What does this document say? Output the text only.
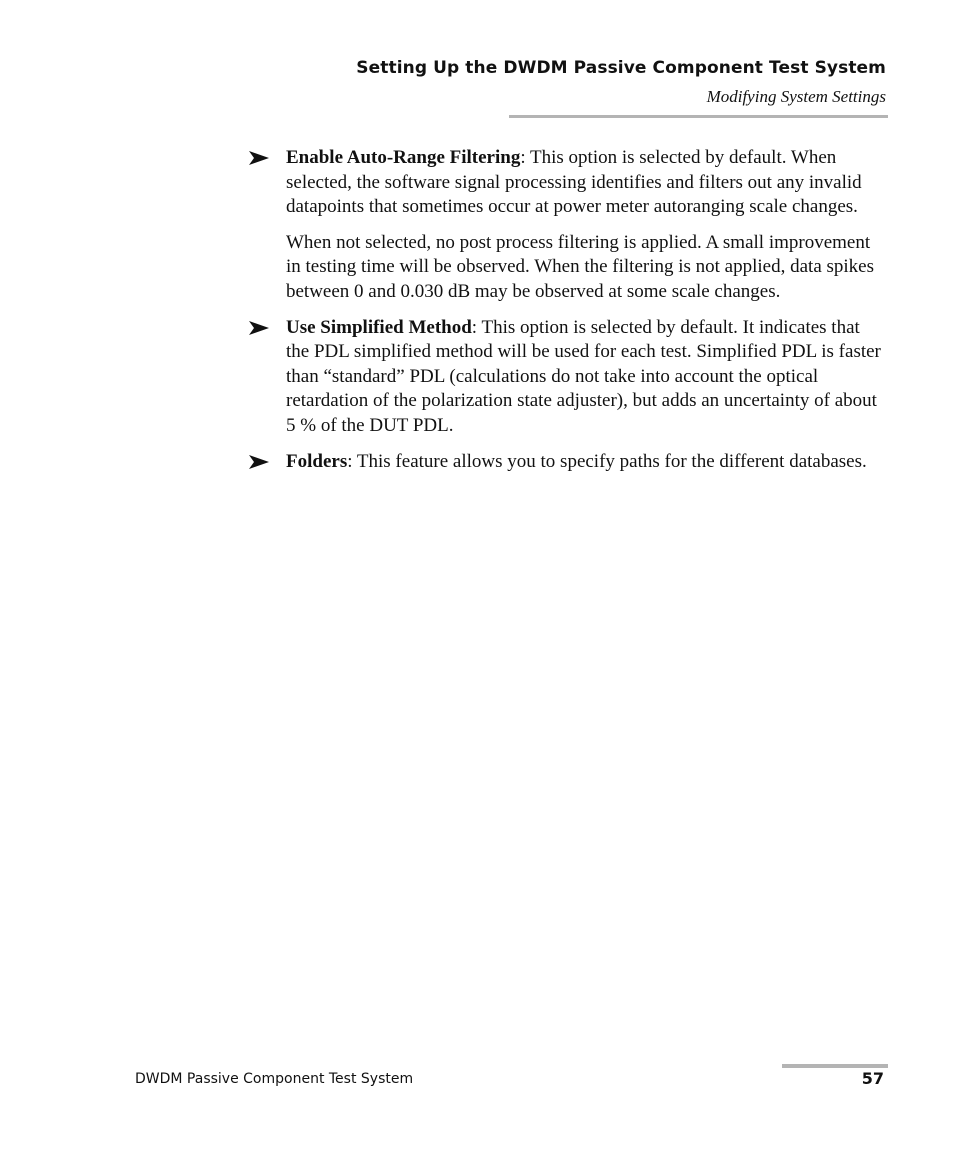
Setting Up the DWDM Passive Component Test System
Modifying System Settings

Enable Auto-Range Filtering: This option is selected by default. When selected, the software signal processing identifies and filters out any invalid datapoints that sometimes occur at power meter autoranging scale changes.

When not selected, no post process filtering is applied. A small improvement in testing time will be observed. When the filtering is not applied, data spikes between 0 and 0.030 dB may be observed at some scale changes.

Use Simplified Method: This option is selected by default. It indicates that the PDL simplified method will be used for each test. Simplified PDL is faster than “standard” PDL (calculations do not take into account the optical retardation of the polarization state adjuster), but adds an uncertainty of about 5 % of the DUT PDL.

Folders: This feature allows you to specify paths for the different databases.

DWDM Passive Component Test System	57
